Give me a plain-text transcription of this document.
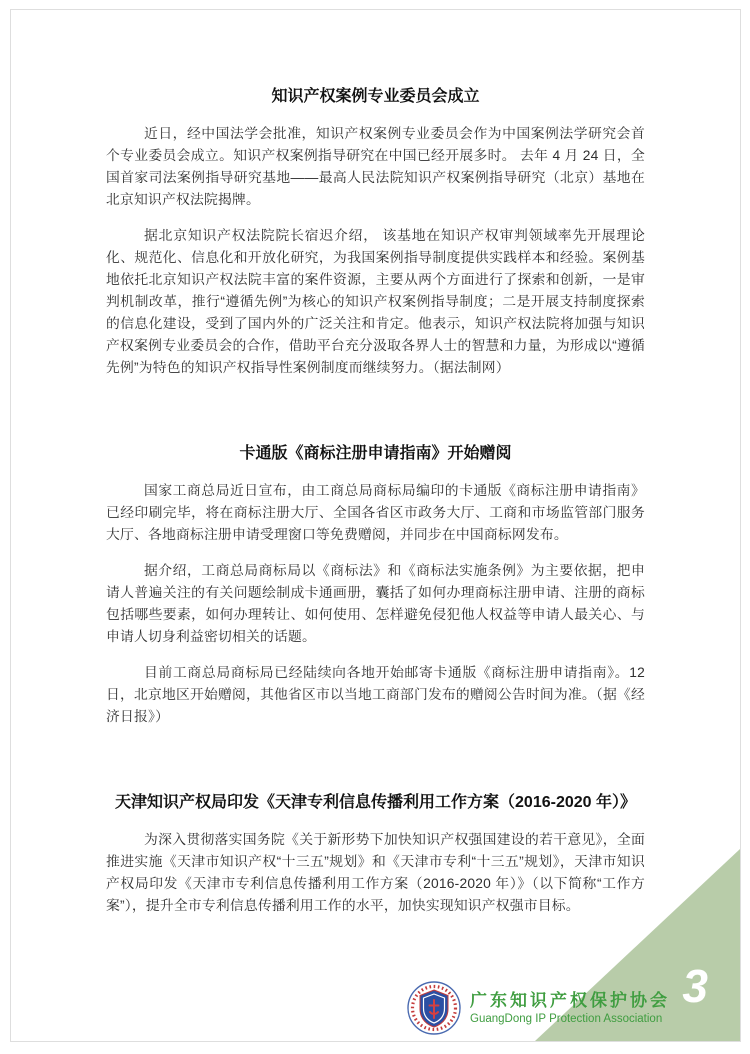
知识产权案例专业委员会成立

近日，经中国法学会批准，知识产权案例专业委员会作为中国案例法学研究会首个专业委员会成立。知识产权案例指导研究在中国已经开展多时。 去年 4 月 24 日，全国首家司法案例指导研究基地——最高人民法院知识产权案例指导研究（北京）基地在北京知识产权法院揭牌。

据北京知识产权法院院长宿迟介绍， 该基地在知识产权审判领域率先开展理论化、规范化、信息化和开放化研究，为我国案例指导制度提供实践样本和经验。案例基地依托北京知识产权法院丰富的案件资源，主要从两个方面进行了探索和创新，一是审判机制改革，推行“遵循先例”为核心的知识产权案例指导制度；二是开展支持制度探索的信息化建设，受到了国内外的广泛关注和肯定。他表示，知识产权法院将加强与知识产权案例专业委员会的合作，借助平台充分汲取各界人士的智慧和力量，为形成以“遵循先例”为特色的知识产权指导性案例制度而继续努力。（据法制网）

卡通版《商标注册申请指南》开始赠阅

国家工商总局近日宣布，由工商总局商标局编印的卡通版《商标注册申请指南》已经印刷完毕，将在商标注册大厅、全国各省区市政务大厅、工商和市场监管部门服务大厅、各地商标注册申请受理窗口等免费赠阅，并同步在中国商标网发布。

据介绍，工商总局商标局以《商标法》和《商标法实施条例》为主要依据，把申请人普遍关注的有关问题绘制成卡通画册，囊括了如何办理商标注册申请、注册的商标包括哪些要素，如何办理转让、如何使用、怎样避免侵犯他人权益等申请人最关心、与申请人切身利益密切相关的话题。

目前工商总局商标局已经陆续向各地开始邮寄卡通版《商标注册申请指南》。12 日，北京地区开始赠阅，其他省区市以当地工商部门发布的赠阅公告时间为准。（据《经济日报》）

天津知识产权局印发《天津专利信息传播利用工作方案（2016-2020 年）》

为深入贯彻落实国务院《关于新形势下加快知识产权强国建设的若干意见》，全面推进实施《天津市知识产权“十三五”规划》和《天津市专利“十三五”规划》，天津市知识产权局印发《天津市专利信息传播利用工作方案（2016-2020 年）》（以下简称“工作方案”），提升全市专利信息传播利用工作的水平，加快实现知识产权强市目标。

3
广东知识产权保护协会
GuangDong IP Protection Association
